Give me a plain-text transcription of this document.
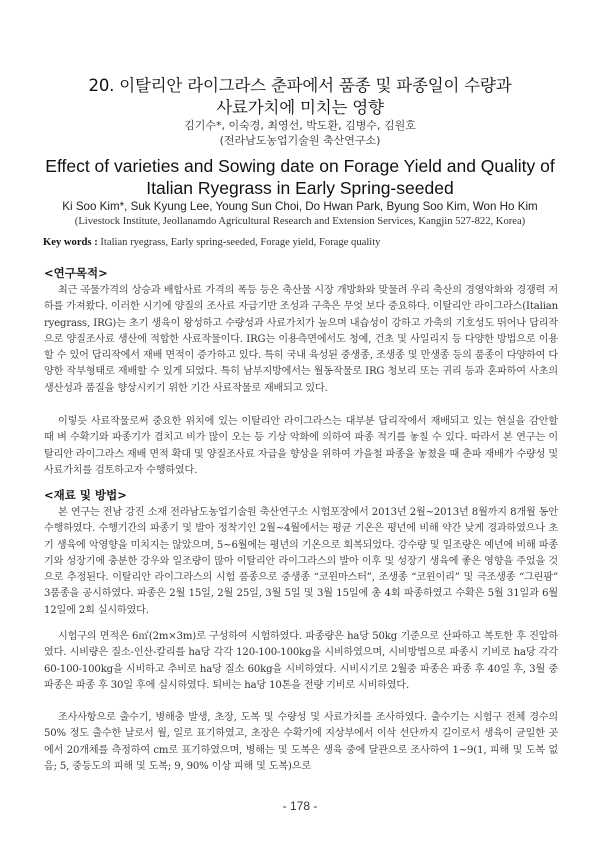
20. 이탈리안 라이그라스 춘파에서 품종 및 파종일이 수량과
사료가치에 미치는 영향
김기수*, 이숙경, 최영선, 박도환, 김병수, 김원호
(전라남도농업기술원 축산연구소)
Effect of varieties and Sowing date on Forage Yield and Quality of
Italian Ryegrass in Early Spring-seeded
Ki Soo Kim*, Suk Kyung Lee, Young Sun Choi, Do Hwan Park, Byung Soo Kim, Won Ho Kim
(Livestock Institute, Jeollanamdo Agricultural Research and Extension Services, Kangjin 527-822, Korea)
Key words : Italian ryegrass, Early spring-seeded, Forage yield, Forage quality
<연구목적>

최근 곡물가격의 상승과 배합사료 가격의 폭등 등은 축산물 시장 개방화와 맞물려 우리 축산의 경영악화와 경쟁력 저하를 가져왔다. 이러한 시기에 양질의 조사료 자급기반 조성과 구축은 무엇 보다 중요하다. 이탈리안 라이그라스(Italian ryegrass, IRG)는 초기 생육이 왕성하고 수량성과 사료가치가 높으며 내습성이 강하고 가축의 기호성도 뛰어나 답리작으로 양질조사료 생산에 적합한 사료작물이다. IRG는 이용측면에서도 청예, 건초 및 사일리지 등 다양한 방법으로 이용할 수 있어 답리작에서 재배 면적이 증가하고 있다. 특히 국내 육성된 중생종, 조생종 및 만생종 등의 품종이 다양하여 다양한 작부형태로 재배할 수 있게 되었다. 특히 남부지방에서는 월동작물로 IRG 청보리 또는 귀리 등과 혼파하여 사초의 생산성과 품질을 향상시키기 위한 기간 사료작물로 재배되고 있다.

이렇듯 사료작물로써 중요한 위치에 있는 이탈리안 라이그라스는 대부분 답리작에서 재배되고 있는 현실을 감안할 때 벼 수확기와 파종기가 겹치고 비가 많이 오는 등 기상 악화에 의하여 파종 적기를 놓칠 수 있다. 따라서 본 연구는 이탈리안 라이그라스 재배 면적 확대 및 양질조사료 자급을 향상을 위하여 가을철 파종을 놓쳤을 때 춘파 재배가 수량성 및 사료가치를 검토하고자 수행하였다.

<재료 및 방법>

본 연구는 전남 강진 소재 전라남도농업기술원 축산연구소 시험포장에서 2013년 2월~2013년 8월까지 8개월 동안 수행하였다. 수행기간의 파종기 및 발아 정착기인 2월~4월에서는 평균 기온은 평년에 비해 약간 낮게 경과하였으나 초기 생육에 악영향을 미치지는 않았으며, 5~6월에는 평년의 기온으로 회복되었다. 강수량 및 일조량은 예년에 비해 파종기와 성장기에 충분한 강우와 일조량이 많아 이탈리안 라이그라스의 발아 이후 및 성장기 생육에 좋은 영향을 주었을 것으로 추정된다. 이탈리안 라이그라스의 시험 품종으로 중생종 “코윈마스터”, 조생종 “코윈이리” 및 극조생종 “그린팜” 3품종을 공시하였다. 파종은 2월 15일, 2월 25일, 3월 5일 및 3월 15일에 총 4회 파종하였고 수확은 5월 31일과 6월 12일에 2회 실시하였다.

시험구의 면적은 6㎡(2m×3m)로 구성하여 시험하였다. 파종량은 ha당 50kg 기준으로 산파하고 복토한 후 진압하였다. 시비량은 질소-인산-칼리를 ha당 각각 120-100-100kg을 시비하였으며, 시비방법으로 파종시 기비로 ha당 각각 60-100-100kg을 시비하고 추비로 ha당 질소 60kg을 시비하였다. 시비시기로 2월중 파종은 파종 후 40일 후, 3월 중 파종은 파종 후 30일 후에 실시하였다. 퇴비는 ha당 10톤을 전량 기비로 시비하였다.

조사사항으로 출수기, 병해충 발생, 초장, 도복 및 수량성 및 사료가치를 조사하였다. 출수기는 시험구 전체 경수의 50% 정도 출수한 날로서 월, 일로 표기하였고, 초장은 수확기에 지상부에서 이삭 선단까지 길이로서 생육이 균일한 곳에서 20개체를 측정하여 cm로 표기하였으며, 병해는 및 도복은 생육 중에 달관으로 조사하여 1~9(1, 피해 및 도복 없음; 5, 중등도의 피해 및 도복; 9, 90% 이상 피해 및 도복)으로

- 178 -
